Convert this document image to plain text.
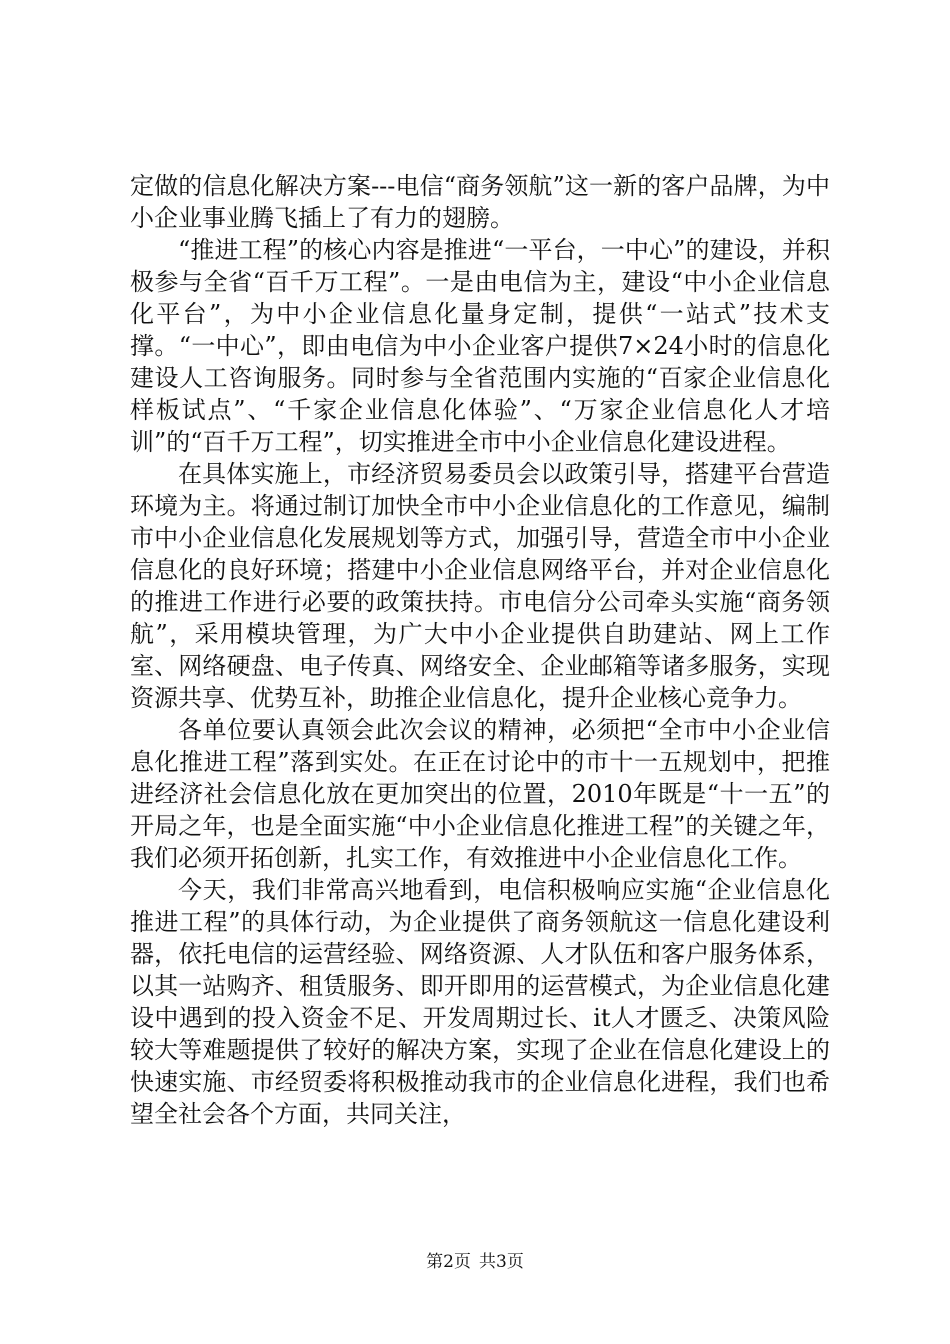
定做的信息化解决方案---电信“商务领航”这一新的客户品牌，为中小企业事业腾飞插上了有力的翅膀。

“推进工程”的核心内容是推进“一平台，一中心”的建设，并积极参与全省“百千万工程”。一是由电信为主，建设“中小企业信息化平台”，为中小企业信息化量身定制，提供“一站式”技术支撑。“一中心”，即由电信为中小企业客户提供7×24小时的信息化建设人工咨询服务。同时参与全省范围内实施的“百家企业信息化样板试点”、“千家企业信息化体验”、“万家企业信息化人才培训”的“百千万工程”，切实推进全市中小企业信息化建设进程。

在具体实施上，市经济贸易委员会以政策引导，搭建平台营造环境为主。将通过制订加快全市中小企业信息化的工作意见，编制市中小企业信息化发展规划等方式，加强引导，营造全市中小企业信息化的良好环境；搭建中小企业信息网络平台，并对企业信息化的推进工作进行必要的政策扶持。市电信分公司牵头实施“商务领航”，采用模块管理，为广大中小企业提供自助建站、网上工作室、网络硬盘、电子传真、网络安全、企业邮箱等诸多服务，实现资源共享、优势互补，助推企业信息化，提升企业核心竞争力。

各单位要认真领会此次会议的精神，必须把“全市中小企业信息化推进工程”落到实处。在正在讨论中的市十一五规划中，把推进经济社会信息化放在更加突出的位置，2010年既是“十一五”的开局之年，也是全面实施“中小企业信息化推进工程”的关键之年，我们必须开拓创新，扎实工作，有效推进中小企业信息化工作。

今天，我们非常高兴地看到，电信积极响应实施“企业信息化推进工程”的具体行动，为企业提供了商务领航这一信息化建设利器，依托电信的运营经验、网络资源、人才队伍和客户服务体系，以其一站购齐、租赁服务、即开即用的运营模式，为企业信息化建设中遇到的投入资金不足、开发周期过长、it人才匮乏、决策风险较大等难题提供了较好的解决方案，实现了企业在信息化建设上的快速实施、市经贸委将积极推动我市的企业信息化进程，我们也希望全社会各个方面，共同关注，

第2页 共3页
